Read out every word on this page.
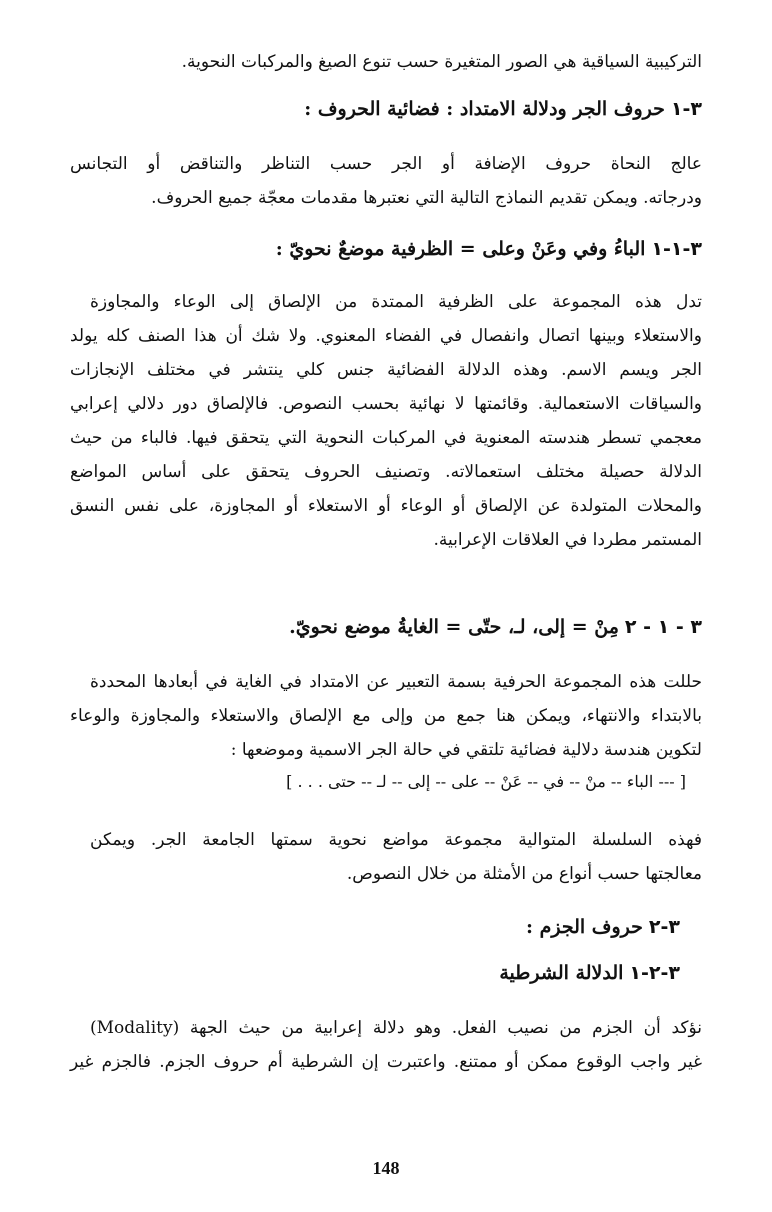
التركيبية السياقية هي الصور المتغيرة حسب تنوع الصيغ والمركبات النحوية.
٣-١حروف الجر ودلالة الامتداد : فضائية الحروف :
عالج النحاة حروف الإضافة أو الجر حسب التناظر والتناقض أو التجانس
ودرجاته. ويمكن تقديم النماذج التالية التي نعتبرها مقدمات معجّة جميع الحروف.
٣-١-١الباءُ وفي وعَنْ وعلى = الظرفية موضعٌ نحويّ :
تدل هذه المجموعة على الظرفية الممتدة من الإلصاق إلى الوعاء والمجاوزة
والاستعلاء وبينها اتصال وانفصال في الفضاء المعنوي. ولا شك أن هذا الصنف كله يولد
الجر ويسم الاسم. وهذه الدلالة الفضائية جنس كلي ينتشر في مختلف الإنجازات
والسياقات الاستعمالية. وقائمتها لا نهائية بحسب النصوص. فالإلصاق دور دلالي إعرابي
معجمي تسطر هندسته المعنوية في المركبات النحوية التي يتحقق فيها. فالباء من حيث
الدلالة حصيلة مختلف استعمالاته. وتصنيف الحروف يتحقق على أساس المواضع
والمحلات المتولدة عن الإلصاق أو الوعاء أو الاستعلاء أو المجاوزة، على نفس النسق
المستمر مطردا في العلاقات الإعرابية.
٣ - ١ - ٢مِنْ = إلى، لـ، حتّى = الغايةُ موضع نحويّ.
حللت هذه المجموعة الحرفية بسمة التعبير عن الامتداد في الغاية في أبعادها المحددة
بالابتداء والانتهاء، ويمكن هنا جمع من وإلى مع الإلصاق والاستعلاء والمجاوزة والوعاء
لتكوين هندسة دلالية فضائية تلتقي في حالة الجر الاسمية وموضعها :
[ --- الباء -- منْ -- في -- عَنْ -- على -- إلى -- لـ -- حتى . . . ]
فهذه السلسلة المتوالية مجموعة مواضع نحوية سمتها الجامعة الجر. ويمكن
معالجتها حسب أنواع من الأمثلة من خلال النصوص.
٣-٢حروف الجزم :
٣-٢-١الدلالة الشرطية
نؤكد أن الجزم من نصيب الفعل. وهو دلالة إعرابية من حيث الجهة (Modality)
غير واجب الوقوع ممكن أو ممتنع. واعتبرت إن الشرطية أم حروف الجزم. فالجزم غير
148
